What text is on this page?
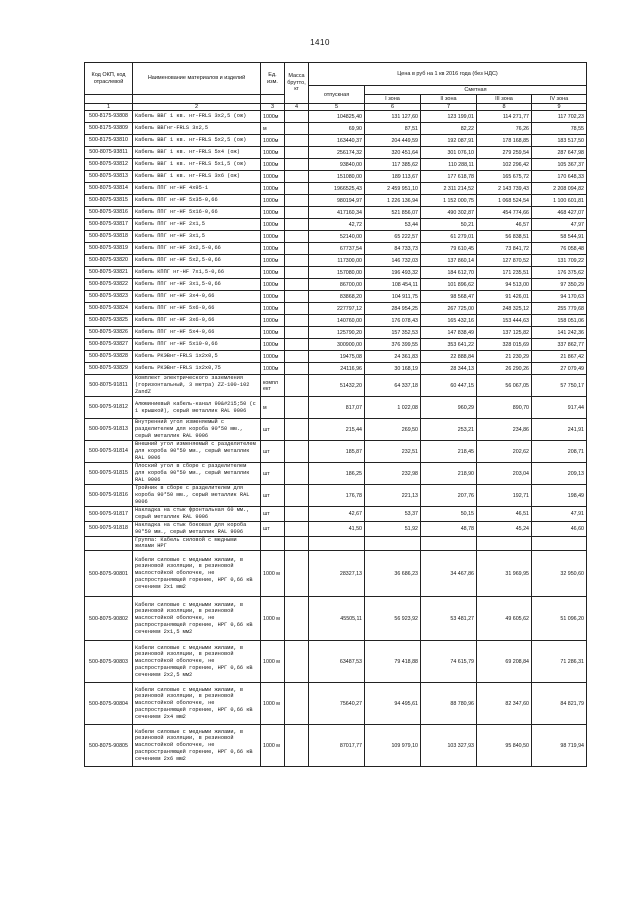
1410
Код ОКП, код отраслевой	Наименование материалов и изделий	Ед. изм.	Масса брутто, кг	Цена в руб на 1 кв 2016 года (без НДС)				
				отпускная	Сметная			
					I зона	II зона	III зона	IV зона
1	2	3	4	5	6	7	8	9
500-8175-93808	Кабель ВВГ 1 кв. нг-FRLS 3х2,5 (ож)	1000м		104825,40	131 127,60	123 199,01	114 271,77	117 702,23
500-8175-93809	Кабель ВВГнг-FRLS 3х2,5	м		69,90	87,51	82,22	76,26	78,55
500-8175-93810	Кабель ВВГ 1 кв. нг-FRLS 5х2,5 (ож)	1000м		163440,37	204 449,59	192 087,91	178 168,85	183 517,50
500-8075-93811	Кабель ВВГ 1 кв. нг-FRLS 5х4 (ож)	1000м		256174,32	320 451,64	301 076,10	279 259,54	287 647,98
500-8075-93812	Кабель ВВГ 1 кв. нг-FRLS 5х1,5 (ож)	1000м		93840,00	117 385,62	110 288,11	102 296,42	105 367,37
500-8075-93813	Кабель ВВГ 1 кв. нг-FRLS 3х6 (ож)	1000м		151080,00	189 113,67	177 618,78	165 675,72	170 648,33
500-8075-93814	Кабель ППГ нг-HF 4х95-1	1000м		1966525,43	2 459 951,10	2 311 214,52	2 143 739,43	2 208 094,82
500-8075-93815	Кабель ППГ нг-HF 5х35-0,66	1000м		980194,97	1 226 136,94	1 152 000,75	1 068 524,54	1 100 601,81
500-8075-93816	Кабель ППГ нг-HF 5х16-0,66	1000м		417160,34	521 856,07	490 302,87	454 774,66	468 427,07
500-8075-93817	Кабель ППГ нг-HF 2х1,5	1000м		42,72	53,44	50,21	46,57	47,97
500-8075-93818	Кабель ППГ нг-HF 3х1,5	1000м		52140,00	65 222,57	61 279,01	56 838,51	58 544,91
500-8075-93819	Кабель ППГ нг-HF 3х2,5-0,66	1000м		67737,54	84 733,73	79 610,45	73 841,72	76 058,48
500-8075-93820	Кабель ППГ нг-HF 5х2,5-0,66	1000м		117300,00	146 732,03	137 860,14	127 870,52	131 709,22
500-8075-93821	Кабель КППГ нг-HF 7х1,5-0,66	1000м		157080,00	196 493,32	184 612,70	171 235,51	176 375,62
500-8075-93822	Кабель ППГ нг-HF 3х1,5-0,66	1000м		86700,00	108 454,11	101 896,62	94 513,00	97 350,29
500-8075-93823	Кабель ППГ нг-HF 3х4-0,66	1000м		83868,20	104 911,75	98 568,47	91 426,01	94 170,63
500-8075-93824	Кабель ППГ нг-HF 5х6-0,66	1000м		227797,12	284 954,25	267 725,00	248 325,12	255 779,68
500-8075-93825	Кабель ППГ нг-HF 3х6-0,66	1000м		140760,00	176 078,43	165 432,16	153 444,63	158 051,06
500-8075-93826	Кабель ППГ нг-HF 5х4-0,66	1000м		125790,20	157 352,53	147 838,49	137 125,82	141 242,36
500-8075-93827	Кабель ППГ нг-HF 5х10-0,66	1000м		300900,00	376 399,55	353 641,22	328 015,69	337 862,77
500-8075-93828	Кабель РКЭВнг-FRLS 1х2х0,5	1000м		19475,08	24 361,83	22 888,84	21 230,29	21 867,42
500-8075-93829	Кабель РКЭВнг-FRLS 1х2х0,75	1000м		24116,96	30 168,19	28 344,13	26 290,26	27 079,49
500-8075-91811	Комплект электрического заземления (горизонтальный, 3 метра) ZZ-100-102 ZandZ	компл ект		51432,20	64 337,18	60 447,15	56 067,05	57 750,17
500-9075-91812	Алюминиевый кабель-канал 90&#215;50 (с 1 крышкой), серый металлик RAL 9006	м		817,07	1 022,08	960,29	890,70	917,44
500-9075-91813	Внутренний угол изменяемый с разделителем для короба 90*50 мм., серый металлик RAL 9006	шт		215,44	269,50	253,21	234,86	241,91
500-9075-91814	Внешний угол изменяемый с разделителем для короба 90*50 мм., серый металлик RAL 9006	шт		185,87	232,51	218,45	202,62	208,71
500-9075-91815	Плоский угол в сборе с разделителем для короба 90*50 мм., серый металлик RAL 9006	шт		186,25	232,98	218,90	203,04	209,13
500-9075-91816	Тройник в сборе с разделителем для короба 90*50 мм., серый металлик RAL 9006	шт		176,78	221,13	207,76	192,71	198,49
500-9075-91817	Накладка на стык фронтальная 60 мм., серый металлик RAL 9006	шт		42,67	53,37	50,15	46,51	47,91
500-9075-91818	Накладка на стык боковая для короба 90*50 мм., серый металлик RAL 9006	шт		41,50	51,92	48,78	45,24	46,60
	Группа: Кабель силовой с медными жилами НРГ							
500-8075-90801	Кабели силовые с медными жилами, в резиновой изоляции, в резиновой маслостойкой оболочке, не распространяющей горение, НРГ 0,66 кВ сечением 2х1 мм2	1000 м		28327,13	36 686,23	34 467,86	31 969,95	32 950,60
500-8075-90802	Кабели силовые с медными жилами, в резиновой изоляции, в резиновой маслостойкой оболочке, не распространяющей горение, НРГ 0,66 кВ сечением 2х1,5 мм2	1000 м		45505,11	56 923,92	53 481,27	49 605,62	51 096,20
500-8075-90803	Кабели силовые с медными жилами, в резиновой изоляции, в резиновой маслостойкой оболочке, не распространяющей горение, НРГ 0,66 кВ сечением 2х2,5 мм2	1000 м		63487,53	79 418,88	74 615,79	69 208,84	71 286,31
500-8075-90804	Кабели силовые с медными жилами, в резиновой изоляции, в резиновой маслостойкой оболочке, не распространяющей горение, НРГ 0,66 кВ сечением 2х4 мм2	1000 м		75640,27	94 495,61	88 780,96	82 347,60	84 821,79
500-8075-90805	Кабели силовые с медными жилами, в резиновой изоляции, в резиновой маслостойкой оболочке, не распространяющей горение, НРГ 0,66 кВ сечением 2х6 мм2	1000 м		87017,77	109 979,10	103 327,93	95 840,50	98 719,94
